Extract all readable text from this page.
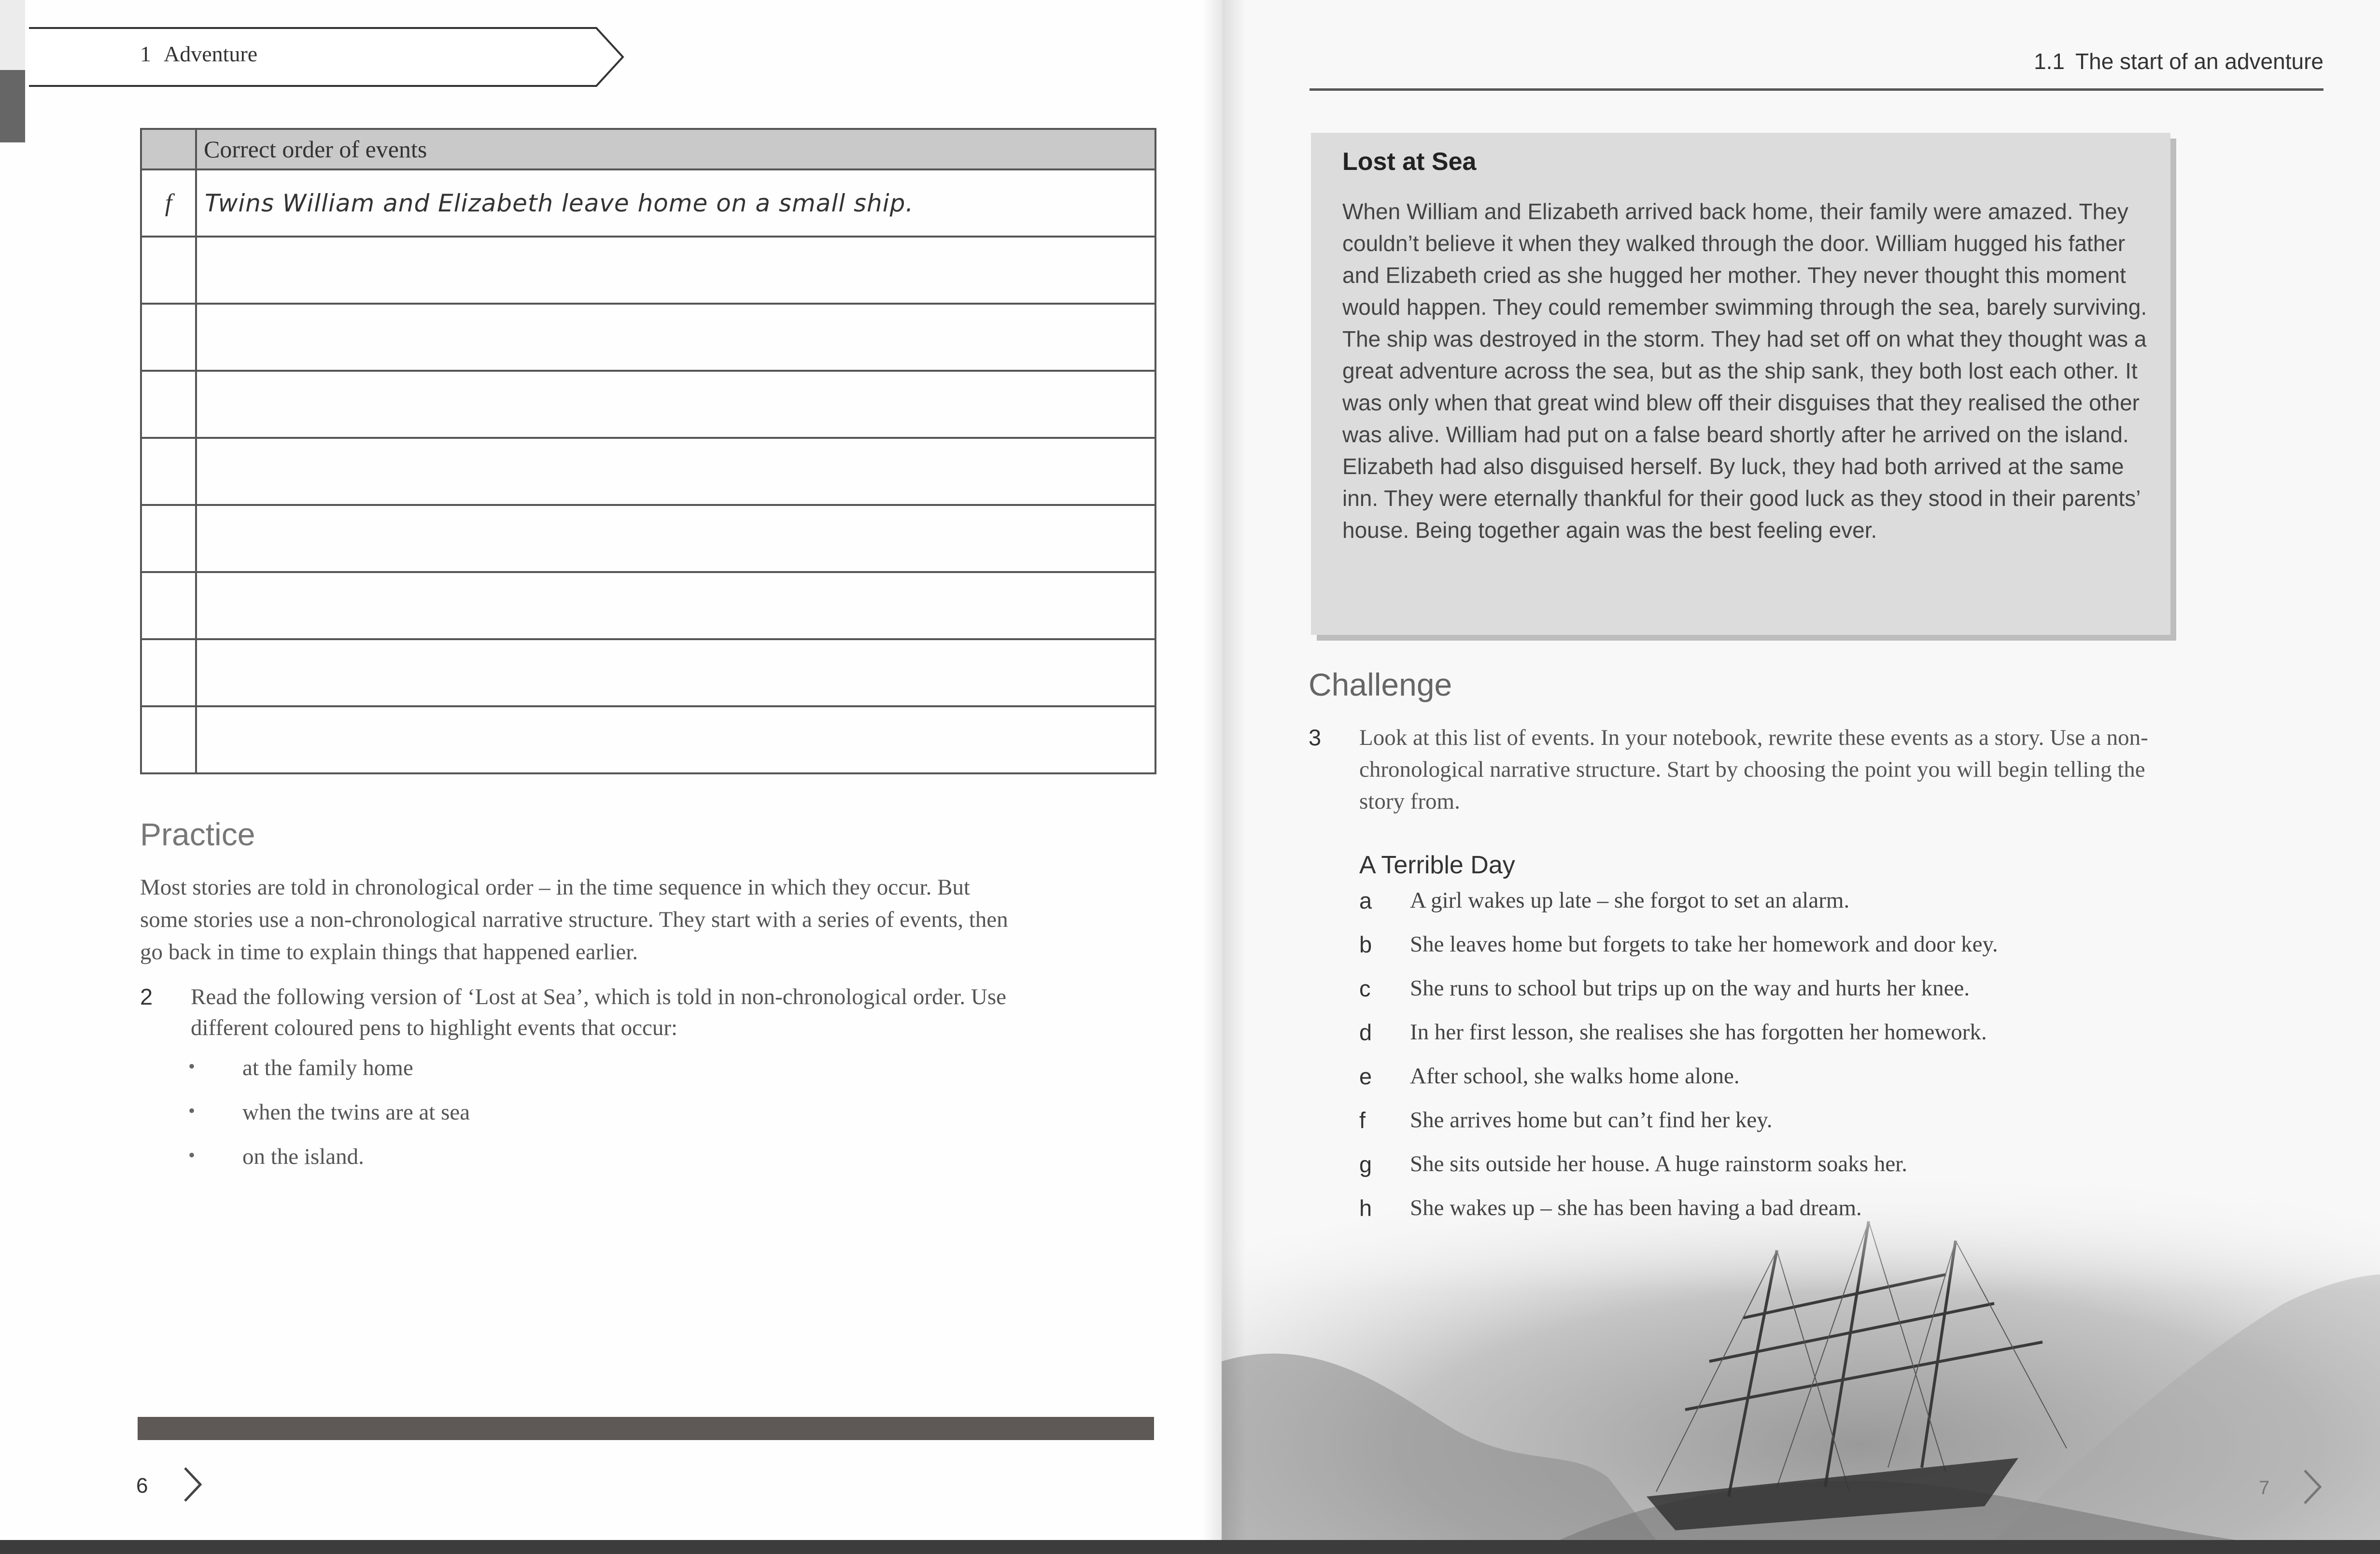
1 Adventure
	Correct order of events
f	Twins William and Elizabeth leave home on a small ship.

Practice

Most stories are told in chronological order – in the time sequence in which they occur. But some stories use a non-chronological narrative structure. They start with a series of events, then go back in time to explain things that happened earlier.

2 Read the following version of ‘Lost at Sea’, which is told in non-chronological order. Use different coloured pens to highlight events that occur:
• at the family home
• when the twins are at sea
• on the island.
6
1.1 The start of an adventure
Lost at Sea

When William and Elizabeth arrived back home, their family were amazed. They couldn’t believe it when they walked through the door. William hugged his father and Elizabeth cried as she hugged her mother. They never thought this moment would happen. They could remember swimming through the sea, barely surviving. The ship was destroyed in the storm. They had set off on what they thought was a great adventure across the sea, but as the ship sank, they both lost each other. It was only when that great wind blew off their disguises that they realised the other was alive. William had put on a false beard shortly after he arrived on the island. Elizabeth had also disguised herself. By luck, they had both arrived at the same inn. They were eternally thankful for their good luck as they stood in their parents’ house. Being together again was the best feeling ever.

Challenge
3 Look at this list of events. In your notebook, rewrite these events as a story. Use a non-chronological narrative structure. Start by choosing the point you will begin telling the story from.
A Terrible Day
a A girl wakes up late – she forgot to set an alarm.
b She leaves home but forgets to take her homework and door key.
c She runs to school but trips up on the way and hurts her knee.
d In her first lesson, she realises she has forgotten her homework.
e After school, she walks home alone.
f She arrives home but can’t find her key.
g She sits outside her house. A huge rainstorm soaks her.
h She wakes up – she has been having a bad dream.
7
